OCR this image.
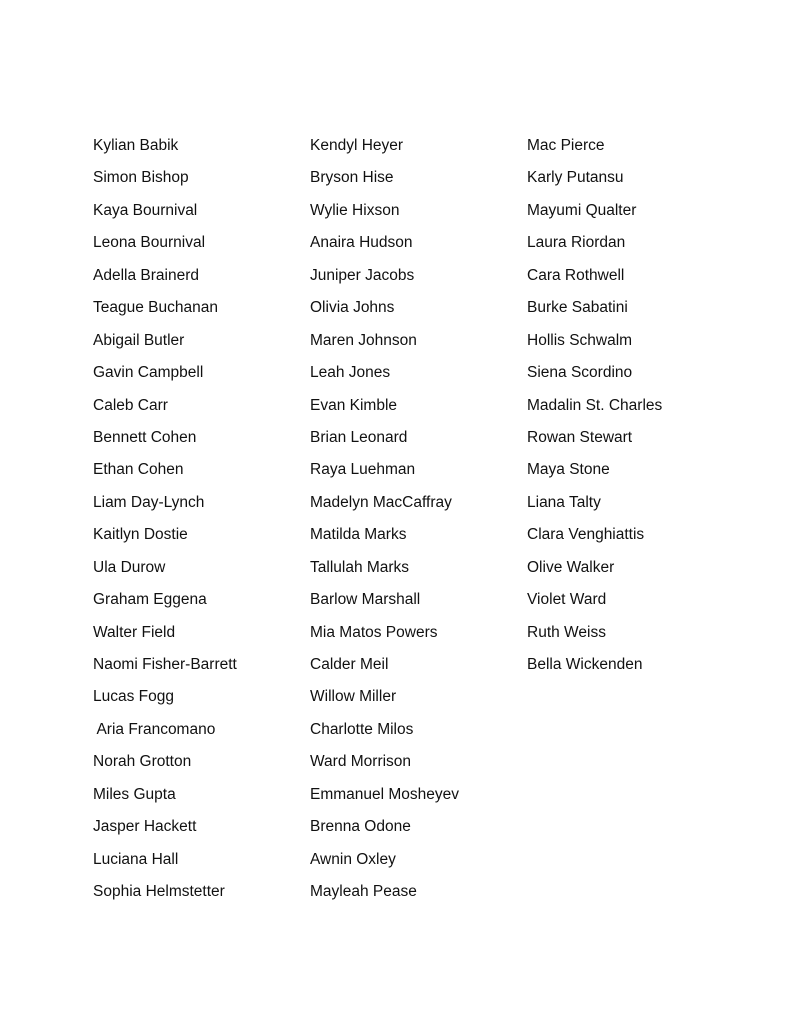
Kylian Babik
Simon Bishop
Kaya Bournival
Leona Bournival
Adella Brainerd
Teague Buchanan
Abigail Butler
Gavin Campbell
Caleb Carr
Bennett Cohen
Ethan Cohen
Liam Day-Lynch
Kaitlyn Dostie
Ula Durow
Graham Eggena
Walter Field
Naomi Fisher-Barrett
Lucas Fogg
Aria Francomano
Norah Grotton
Miles Gupta
Jasper Hackett
Luciana Hall
Sophia Helmstetter
Kendyl Heyer
Bryson Hise
Wylie Hixson
Anaira Hudson
Juniper Jacobs
Olivia Johns
Maren Johnson
Leah Jones
Evan Kimble
Brian Leonard
Raya Luehman
Madelyn MacCaffray
Matilda Marks
Tallulah Marks
Barlow Marshall
Mia Matos Powers
Calder Meil
Willow Miller
Charlotte Milos
Ward Morrison
Emmanuel Mosheyev
Brenna Odone
Awnin Oxley
Mayleah Pease
Mac Pierce
Karly Putansu
Mayumi Qualter
Laura Riordan
Cara Rothwell
Burke Sabatini
Hollis Schwalm
Siena Scordino
Madalin St. Charles
Rowan Stewart
Maya Stone
Liana Talty
Clara Venghiattis
Olive Walker
Violet Ward
Ruth Weiss
Bella Wickenden
